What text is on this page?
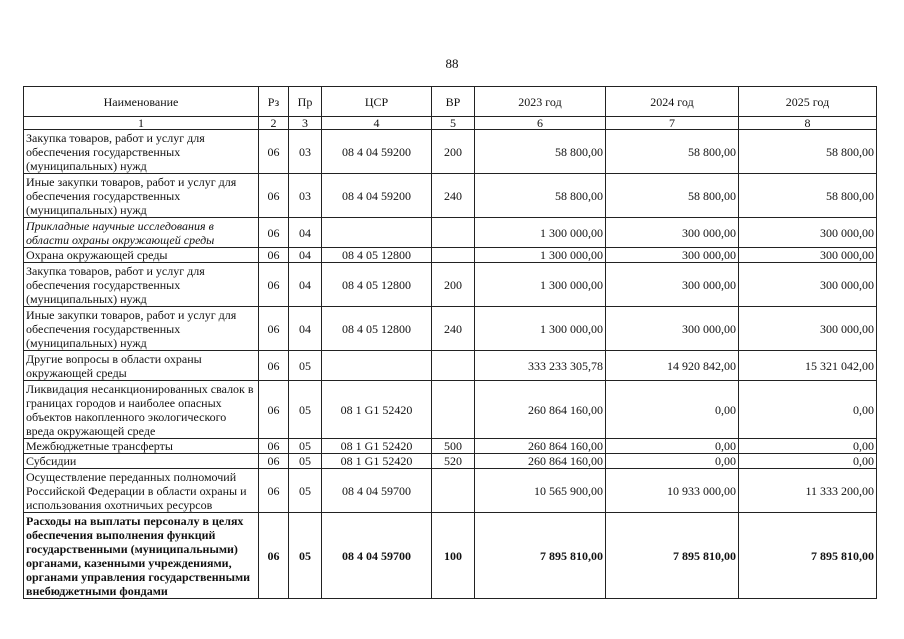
88
Наименование	Рз	Пр	ЦСР	ВР	2023 год	2024 год	2025 год
1	2	3	4	5	6	7	8
Закупка товаров, работ и услуг для обеспечения государственных (муниципальных) нужд	06	03	08 4 04 59200	200	58 800,00	58 800,00	58 800,00
Иные закупки товаров, работ и услуг для обеспечения государственных (муниципальных) нужд	06	03	08 4 04 59200	240	58 800,00	58 800,00	58 800,00
Прикладные научные исследования в области охраны окружающей среды	06	04			1 300 000,00	300 000,00	300 000,00
Охрана окружающей среды	06	04	08 4 05 12800		1 300 000,00	300 000,00	300 000,00
Закупка товаров, работ и услуг для обеспечения государственных (муниципальных) нужд	06	04	08 4 05 12800	200	1 300 000,00	300 000,00	300 000,00
Иные закупки товаров, работ и услуг для обеспечения государственных (муниципальных) нужд	06	04	08 4 05 12800	240	1 300 000,00	300 000,00	300 000,00
Другие вопросы в области охраны окружающей среды	06	05			333 233 305,78	14 920 842,00	15 321 042,00
Ликвидация несанкционированных свалок в границах городов и наиболее опасных объектов накопленного экологического вреда окружающей среде	06	05	08 1 G1 52420		260 864 160,00	0,00	0,00
Межбюджетные трансферты	06	05	08 1 G1 52420	500	260 864 160,00	0,00	0,00
Субсидии	06	05	08 1 G1 52420	520	260 864 160,00	0,00	0,00
Осуществление переданных полномочий Российской Федерации в области охраны и использования охотничьих ресурсов	06	05	08 4 04 59700		10 565 900,00	10 933 000,00	11 333 200,00
Расходы на выплаты персоналу в целях обеспечения выполнения функций государственными (муниципальными) органами, казенными учреждениями, органами управления государственными внебюджетными фондами	06	05	08 4 04 59700	100	7 895 810,00	7 895 810,00	7 895 810,00
